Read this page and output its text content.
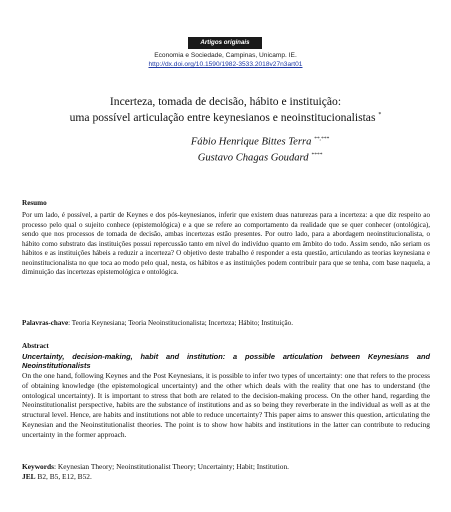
Artigos originais
Economia e Sociedade, Campinas, Unicamp. IE.
http://dx.doi.org/10.1590/1982-3533.2018v27n3art01
Incerteza, tomada de decisão, hábito e instituição:
uma possível articulação entre keynesianos e neoinstitucionalistas *
Fábio Henrique Bittes Terra **,***
Gustavo Chagas Goudard ****
Resumo
Por um lado, é possível, a partir de Keynes e dos pós-keynesianos, inferir que existem duas naturezas para a incerteza: a que diz respeito ao processo pelo qual o sujeito conhece (epistemológica) e a que se refere ao comportamento da realidade que se quer conhecer (ontológica), sendo que nos processos de tomada de decisão, ambas incertezas estão presentes. Por outro lado, para a abordagem neoinstitucionalista, o hábito como substrato das instituições possui repercussão tanto em nível do indivíduo quanto em âmbito do todo. Assim sendo, não seriam os hábitos e as instituições hábeis a reduzir a incerteza? O objetivo deste trabalho é responder a esta questão, articulando as teorias keynesiana e neoinstitucionalista no que toca ao modo pelo qual, nesta, os hábitos e as instituições podem contribuir para que se tenha, com base naquela, a diminuição das incertezas epistemológica e ontológica.
Palavras-chave: Teoria Keynesiana; Teoria Neoinstitucionalista; Incerteza; Hábito; Instituição.
Abstract
Uncertainty, decision-making, habit and institution: a possible articulation between Keynesians and Neoinstitutionalists
On the one hand, following Keynes and the Post Keynesians, it is possible to infer two types of uncertainty: one that refers to the process of obtaining knowledge (the epistemological uncertainty) and the other which deals with the reality that one has to understand (the ontological uncertainty). It is important to stress that both are related to the decision-making process. On the other hand, regarding the Neoinstitutionalist perspective, habits are the substance of institutions and as so being they reverberate in the individual as well as at the structural level. Hence, are habits and institutions not able to reduce uncertainty? This paper aims to answer this question, articulating the Keynesian and the Neoinstitutionalist theories. The point is to show how habits and institutions in the latter can contribute to reducing uncertainty in the former approach.
Keywords: Keynesian Theory; Neoinstitutionalist Theory; Uncertainty; Habit; Institution.
JEL B2, B5, E12, B52.
